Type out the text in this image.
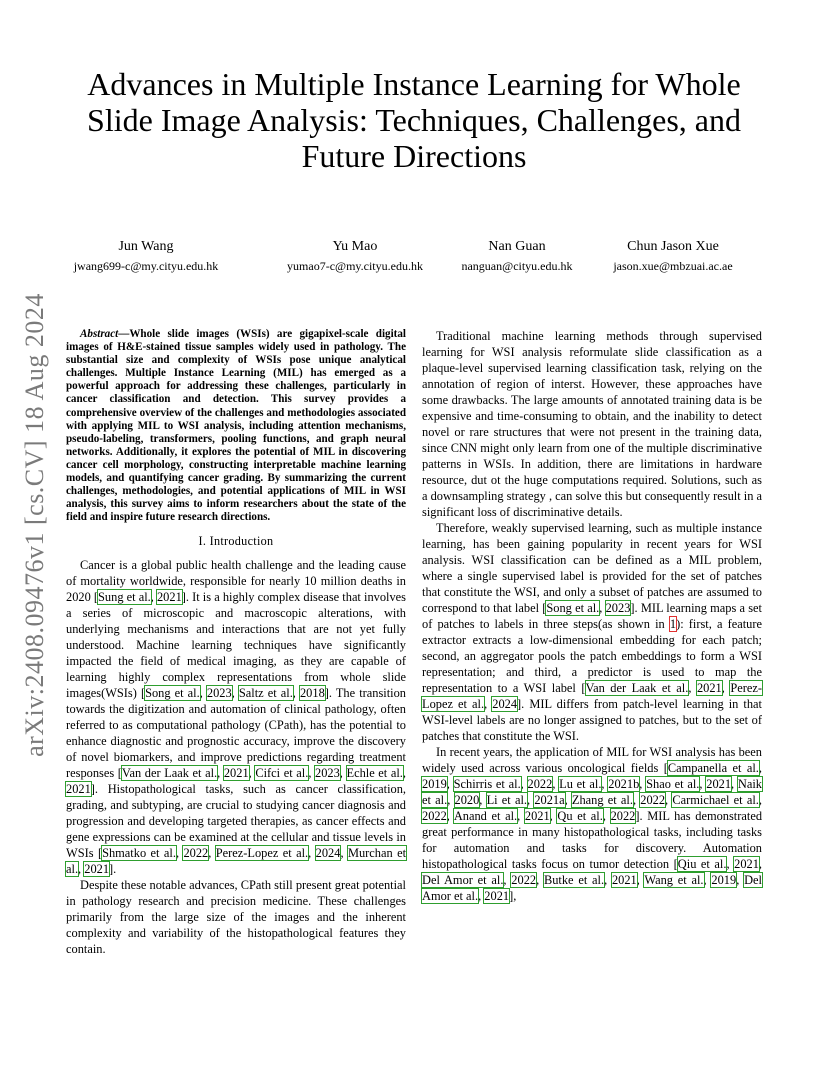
arXiv:2408.09476v1 [cs.CV] 18 Aug 2024
Advances in Multiple Instance Learning for Whole Slide Image Analysis: Techniques, Challenges, and Future Directions
Jun Wang
jwang699-c@my.cityu.edu.hk
Yu Mao
yumao7-c@my.cityu.edu.hk
Nan Guan
nanguan@cityu.edu.hk
Chun Jason Xue
jason.xue@mbzuai.ac.ae

Abstract—Whole slide images (WSIs) are gigapixel-scale digital images of H&E-stained tissue samples widely used in pathology. The substantial size and complexity of WSIs pose unique analytical challenges. Multiple Instance Learning (MIL) has emerged as a powerful approach for addressing these challenges, particularly in cancer classification and detection. This survey provides a comprehensive overview of the challenges and methodologies associated with applying MIL to WSI analysis, including attention mechanisms, pseudo-labeling, transformers, pooling functions, and graph neural networks. Additionally, it explores the potential of MIL in discovering cancer cell morphology, constructing interpretable machine learning models, and quantifying cancer grading. By summarizing the current challenges, methodologies, and potential applications of MIL in WSI analysis, this survey aims to inform researchers about the state of the field and inspire future research directions.

I. Introduction

Cancer is a global public health challenge and the leading cause of mortality worldwide, responsible for nearly 10 million deaths in 2020 [Sung et al., 2021]. It is a highly complex disease that involves a series of microscopic and macroscopic alterations, with underlying mechanisms and interactions that are not yet fully understood. Machine learning techniques have significantly impacted the field of medical imaging, as they are capable of learning highly complex representations from whole slide images(WSIs) [Song et al., 2023, Saltz et al., 2018]. The transition towards the digitization and automation of clinical pathology, often referred to as computational pathology (CPath), has the potential to enhance diagnostic and prognostic accuracy, improve the discovery of novel biomarkers, and improve predictions regarding treatment responses [Van der Laak et al., 2021, Cifci et al., 2023, Echle et al., 2021]. Histopathological tasks, such as cancer classification, grading, and subtyping, are crucial to studying cancer diagnosis and progression and developing targeted therapies, as cancer effects and gene expressions can be examined at the cellular and tissue levels in WSIs [Shmatko et al., 2022, Perez-Lopez et al., 2024, Murchan et al., 2021].

Despite these notable advances, CPath still present great potential in pathology research and precision medicine. These challenges primarily from the large size of the images and the inherent complexity and variability of the histopathological features they contain.

Traditional machine learning methods through supervised learning for WSI analysis reformulate slide classification as a plaque-level supervised learning classification task, relying on the annotation of region of interst. However, these approaches have some drawbacks. The large amounts of annotated training data is be expensive and time-consuming to obtain, and the inability to detect novel or rare structures that were not present in the training data, since CNN might only learn from one of the multiple discriminative patterns in WSIs. In addition, there are limitations in hardware resource, dut ot the huge computations required. Solutions, such as a downsampling strategy , can solve this but consequently result in a significant loss of discriminative details.

Therefore, weakly supervised learning, such as multiple instance learning, has been gaining popularity in recent years for WSI analysis. WSI classification can be defined as a MIL problem, where a single supervised label is provided for the set of patches that constitute the WSI, and only a subset of patches are assumed to correspond to that label [Song et al., 2023]. MIL learning maps a set of patches to labels in three steps(as shown in 1): first, a feature extractor extracts a low-dimensional embedding for each patch; second, an aggregator pools the patch embeddings to form a WSI representation; and third, a predictor is used to map the representation to a WSI label [Van der Laak et al., 2021, Perez-Lopez et al., 2024]. MIL differs from patch-level learning in that WSI-level labels are no longer assigned to patches, but to the set of patches that constitute the WSI.

In recent years, the application of MIL for WSI analysis has been widely used across various oncological fields [Campanella et al., 2019, Schirris et al., 2022, Lu et al., 2021b, Shao et al., 2021, Naik et al., 2020, Li et al., 2021a, Zhang et al., 2022, Carmichael et al., 2022, Anand et al., 2021, Qu et al., 2022]. MIL has demonstrated great performance in many histopathological tasks, including tasks for automation and tasks for discovery. Automation histopathological tasks focus on tumor detection [Qiu et al., 2021, Del Amor et al., 2022, Butke et al., 2021, Wang et al., 2019, Del Amor et al., 2021],
